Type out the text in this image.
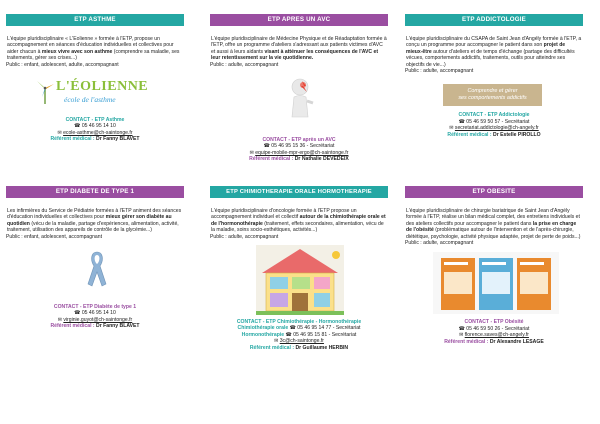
ETP ASTHME
L'équipe pluridisciplinaire « L'Eolienne » formée à l'ETP, propose un accompagnement en séances d'éducation individuelles et collectives pour aider chacun à mieux vivre avec son asthme (comprendre sa maladie, ses traitements, gérer ses crises...)
Public : enfant, adolescent, adulte, accompagnant
L'ÉOLIENNE
école de l'asthme
CONTACT - ETP Asthme
☎ 05 46 95 14 10
✉ ecole-asthme@ch-saintonge.fr
Référent médical : Dr Fanny BLAVET
ETP APRES UN AVC
L'équipe pluridisciplinaire de Médecine Physique et de Réadaptation formée à l'ETP, offre un programme d'ateliers s'adressant aux patients victimes d'AVC et aussi à leurs aidants visant à atténuer les conséquences de l'AVC et leur retentissement sur la vie quotidienne.
Public : adulte, accompagnant
CONTACT - ETP après un AVC
☎ 05 46 95 15 36 - Secrétariat
✉ equipe-mobile-mpr-ergo@ch-saintonge.fr
Référent médical : Dr Nathalie DEVEDEIX
ETP ADDICTOLOGIE
L'équipe pluridisciplinaire du CSAPA de Saint Jean d'Angély formée à l'ETP, a conçu un programme pour accompagner le patient dans son projet de mieux-être autour d'ateliers et de temps d'échange (partage des difficultés vécues, comportements addictifs, traitements, outils pour atteindre ses objectifs de vie...)
Public : adulte, accompagnant
Comprendre et gérer
ses comportements addictifs
CONTACT - ETP Addictologie
☎ 05 46 59 50 57 - Secrétariat
✉ secretariat.addictologie@ch-angely.fr
Référent médical : Dr Estelle PIROLLO
ETP DIABETE DE TYPE 1
Les infirmières du Service de Pédiatrie formées à l'ETP animent des séances d'éducation individuelles et collectives pour mieux gérer son diabète au quotidien (vécu de la maladie, partage d'expériences, alimentation, activité, traitement, utilisation des appareils de contrôle de la glycémie...)
Public : enfant, adolescent, accompagnant
CONTACT - ETP Diabète de type 1
☎ 05 46 95 14 10
✉ virginie.guyot@ch-saintonge.fr
Référent médical : Dr Fanny BLAVET
ETP CHIMIOTHERAPIE ORALE HORMOTHERAPIE
L'équipe pluridisciplinaire d'oncologie formée à l'ETP propose un accompagnement individuel et collectif autour de la chimiothérapie orale et de l'hormonothérapie (traitement, effets secondaires, alimentation, vécu de la maladie, soins socio-esthétiques, activités...)
Public : adulte, accompagnant
CONTACT - ETP Chimiothérapie - Hormonothérapie
Chimiothérapie orale ☎ 05 46 95 14 77 - Secrétariat
Hormonothérapie ☎ 05 46 95 15 81 - Secrétariat
✉ 3c@ch-saintonge.fr
Référent médical : Dr Guillaume HERBIN
ETP OBESITE
L'équipe pluridisciplinaire de chirurgie bariatrique de Saint Jean d'Angély formée à l'ETP, réalise un bilan médical complet, des entretiens individuels et des ateliers collectifs pour accompagner le patient dans la prise en charge de l'obésité (problématique autour de l'intervention et de l'après-chirurgie, diététique, psychologie, activité physique adaptée, projet de perte de poids...)
Public : adulte, accompagnant
CONTACT - ETP Obésité
☎ 05 46 59 50 26 - Secrétariat
✉ florence.saves@ch-angely.fr
Référent médical : Dr Alexandre LESAGE
